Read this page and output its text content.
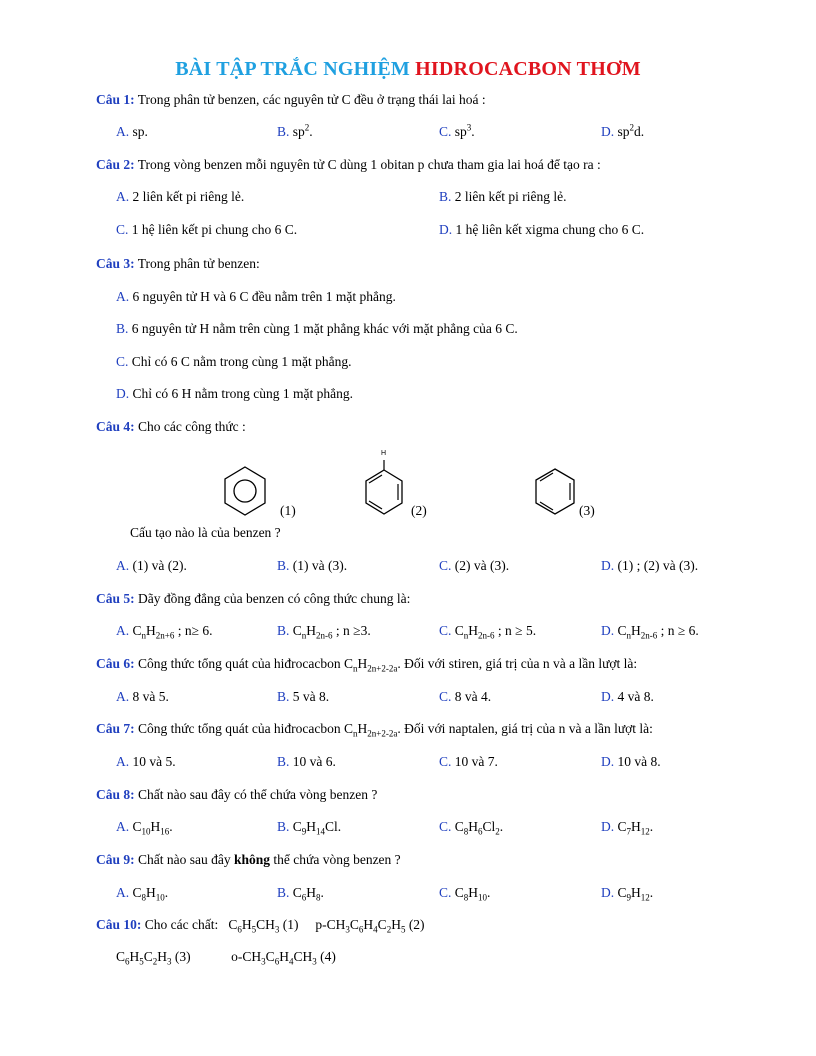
BÀI TẬP TRẮC NGHIỆM HIDROCACBON THƠM
Câu 1: Trong phân tử benzen, các nguyên tử C đều ở trạng thái lai hoá :
A. sp.	B. $sp^2$.	C. $sp^3$.	D. $sp^2d$.
Câu 2: Trong vòng benzen mỗi nguyên tử C dùng 1 obitan p chưa tham gia lai hoá để tạo ra :
A. 2 liên kết pi riêng lẻ.	B. 2 liên kết pi riêng lẻ.
C. 1 hệ liên kết pi chung cho 6 C.	D. 1 hệ liên kết xigma chung cho 6 C.
Câu 3: Trong phân tử benzen:
A. 6 nguyên tử H và 6 C đều nằm trên 1 mặt phẳng.
B. 6 nguyên tử H nằm trên cùng 1 mặt phẳng khác với mặt phẳng của 6 C.
C. Chỉ có 6 C nằm trong cùng 1 mặt phẳng.
D. Chỉ có 6 H nằm trong cùng 1 mặt phẳng.
Câu 4: Cho các công thức :
(1)
H
(2)	(3)
Cấu tạo nào là của benzen ?
A. (1) và (2).	B. (1) và (3).	C. (2) và (3).	D. (1) ; (2) và (3).
Câu 5: Dãy đồng đẳng của benzen có công thức chung là:
A. $C_nH_{2n+6}$ ; n≥ 6.	B. $C_nH_{2n-6}$ ; n ≥3.	C. $C_nH_{2n-6}$ ; n ≥ 5.	D. $C_nH_{2n-6}$ ; n ≥ 6.
Câu 6: Công thức tổng quát của hiđrocacbon $C_nH_{2n+2-2a}$. Đối với stiren, giá trị của n và a lần lượt là:
A. 8 và 5.	B. 5 và 8.	C. 8 và 4.	D. 4 và 8.
Câu 7: Công thức tổng quát của hiđrocacbon $C_nH_{2n+2-2a}$. Đối với naptalen, giá trị của n và a lần lượt là:
A. 10 và 5.	B. 10 và 6.	C. 10 và 7.	D. 10 và 8.
Câu 8: Chất nào sau đây có thể chứa vòng benzen ?
A. $C_{10}H_{16}$.	B. $C_9H_{14}Cl$.	C. $C_8H_6Cl_2$.	D. $C_7H_{12}$.
Câu 9: Chất nào sau đây không thể chứa vòng benzen ?
A. $C_8H_{10}$.	B. $C_6H_8$.	C. $C_8H_{10}$.	D. $C_9H_{12}$.
Câu 10: Cho các chất:   $C_6H_5CH_3$ (1) $p-CH_3C_6H_4C_2H_5$ (2)
$C_6H_5C_2H_3$ (3)	$o-CH_3C_6H_4CH_3$ (4)
